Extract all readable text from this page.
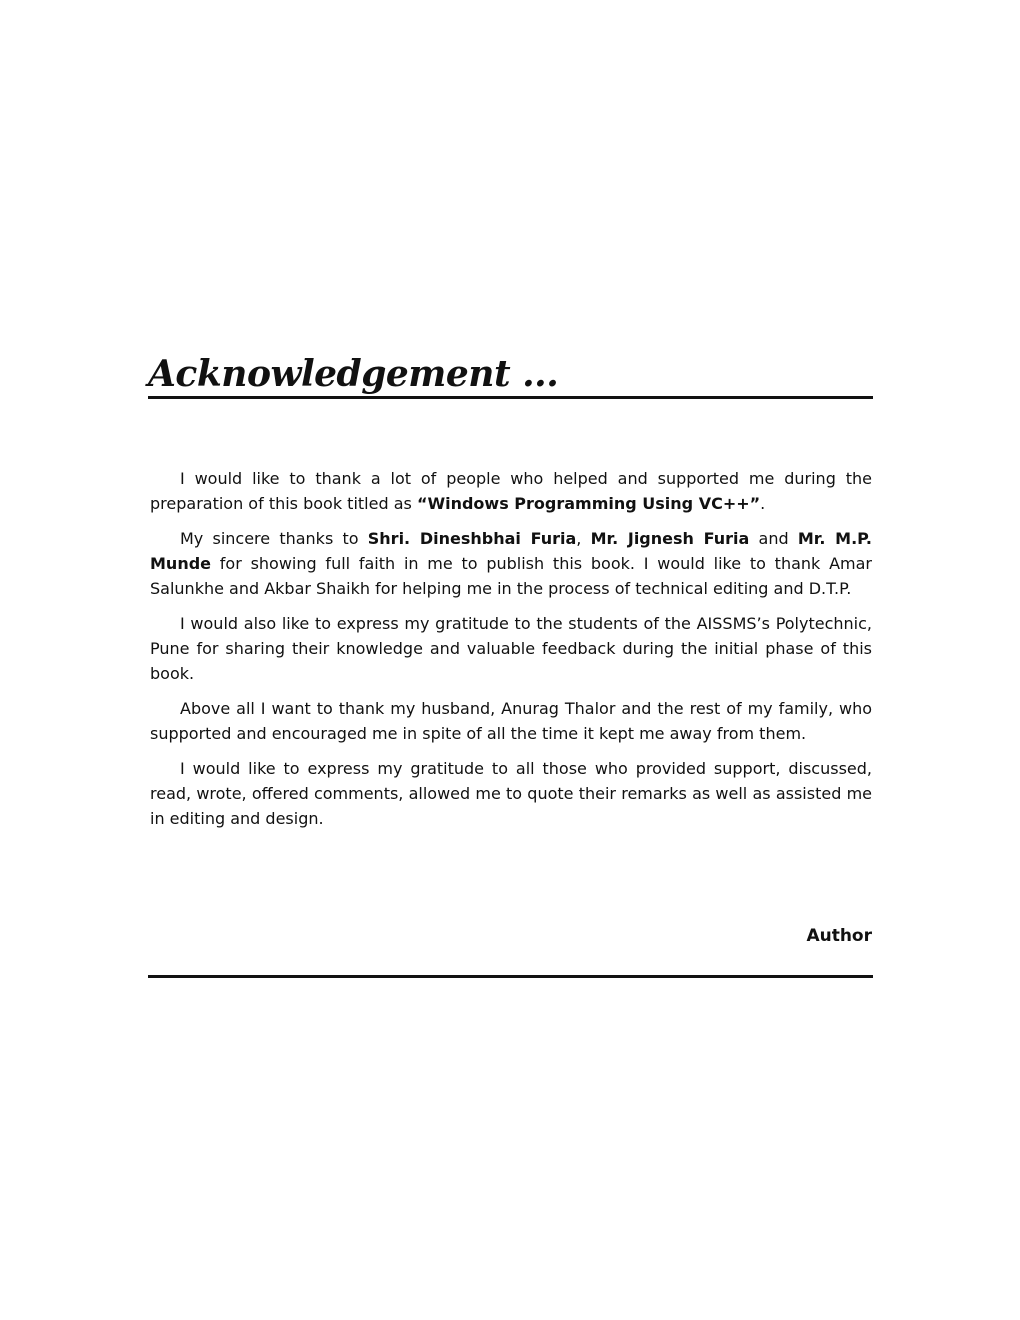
Acknowledgement ...

I would like to thank a lot of people who helped and supported me during the preparation of this book titled as “Windows Programming Using VC++”.

My sincere thanks to Shri. Dineshbhai Furia, Mr. Jignesh Furia and Mr. M.P. Munde for showing full faith in me to publish this book. I would like to thank Amar Salunkhe and Akbar Shaikh for helping me in the process of technical editing and D.T.P.

I would also like to express my gratitude to the students of the AISSMS’s Polytechnic, Pune for sharing their knowledge and valuable feedback during the initial phase of this book.

Above all I want to thank my husband, Anurag Thalor and the rest of my family, who supported and encouraged me in spite of all the time it kept me away from them.

I would like to express my gratitude to all those who provided support, discussed, read, wrote, offered comments, allowed me to quote their remarks as well as assisted me in editing and design.

Author
